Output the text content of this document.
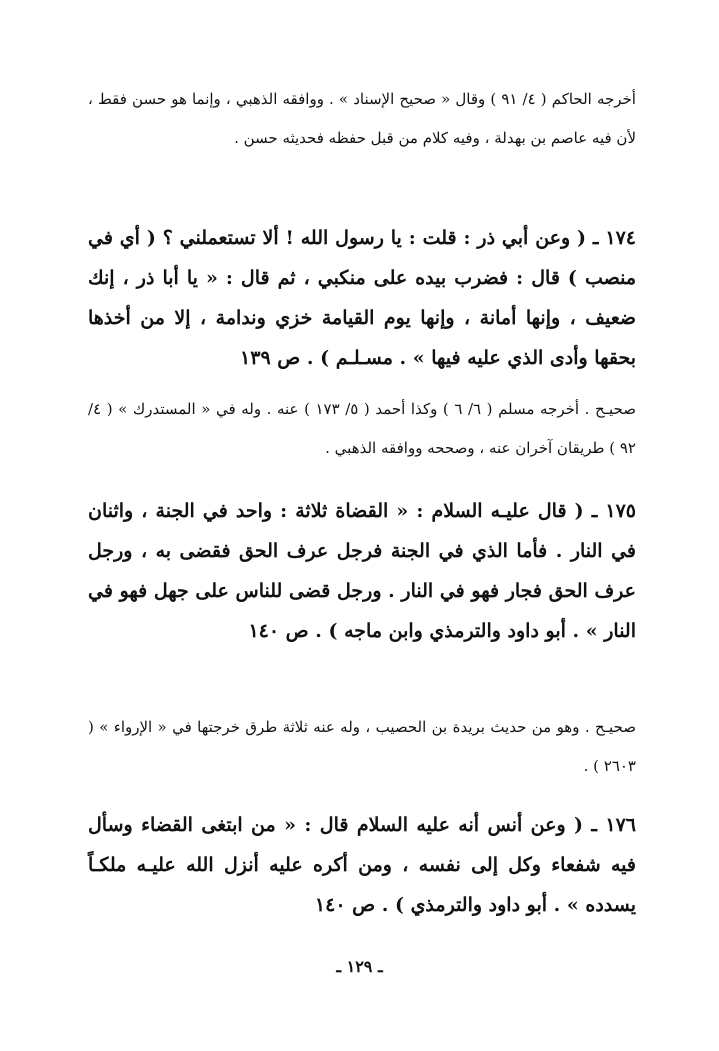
أخرجه الحاكم ( ٤/ ٩١ ) وقال « صحيح الإسناد » . ووافقه الذهبي ، وإنما هو حسن فقط ، لأن فيه عاصم بن بهدلة ، وفيه كلام من قبل حفظه فحديثه حسن .

١٧٤ ـ ( وعن أبي ذر : قلت : يا رسول الله ! ألا تستعملني ؟ ( أي في منصب ) قال : فضرب بيده على منكبي ، ثم قال : « يا أبا ذر ، إنك ضعيف ، وإنها أمانة ، وإنها يوم القيامة خزي وندامة ، إلا من أخذها بحقها وأدى الذي عليه فيها » . مسـلـم ) . ص ١٣٩

صحيـح . أخرجه مسلم ( ٦/ ٦ ) وكذا أحمد ( ٥/ ١٧٣ ) عنه . وله في « المستدرك » ( ٤/ ٩٢ ) طريقان آخران عنه ، وصححه ووافقه الذهبي .

١٧٥ ـ ( قال عليـه السلام : « القضاة ثلاثة : واحد في الجنة ، واثنان في النار . فأما الذي في الجنة فرجل عرف الحق فقضى به ، ورجل عرف الحق فجار فهو في النار . ورجل قضى للناس على جهل فهو في النار » . أبو داود والترمذي وابن ماجه ) . ص ١٤٠

صحيـح . وهو من حديث بريدة بن الحصيب ، وله عنه ثلاثة طرق خرجتها في « الإرواء » ( ٢٦٠٣ ) .

١٧٦ ـ ( وعن أنس أنه عليه السلام قال : « من ابتغى القضاء وسأل فيه شفعاء وكل إلى نفسه ، ومن أكره عليه أنزل الله عليـه ملكـاً يسدده » . أبو داود والترمذي ) . ص ١٤٠

ـ ١٢٩ ـ
